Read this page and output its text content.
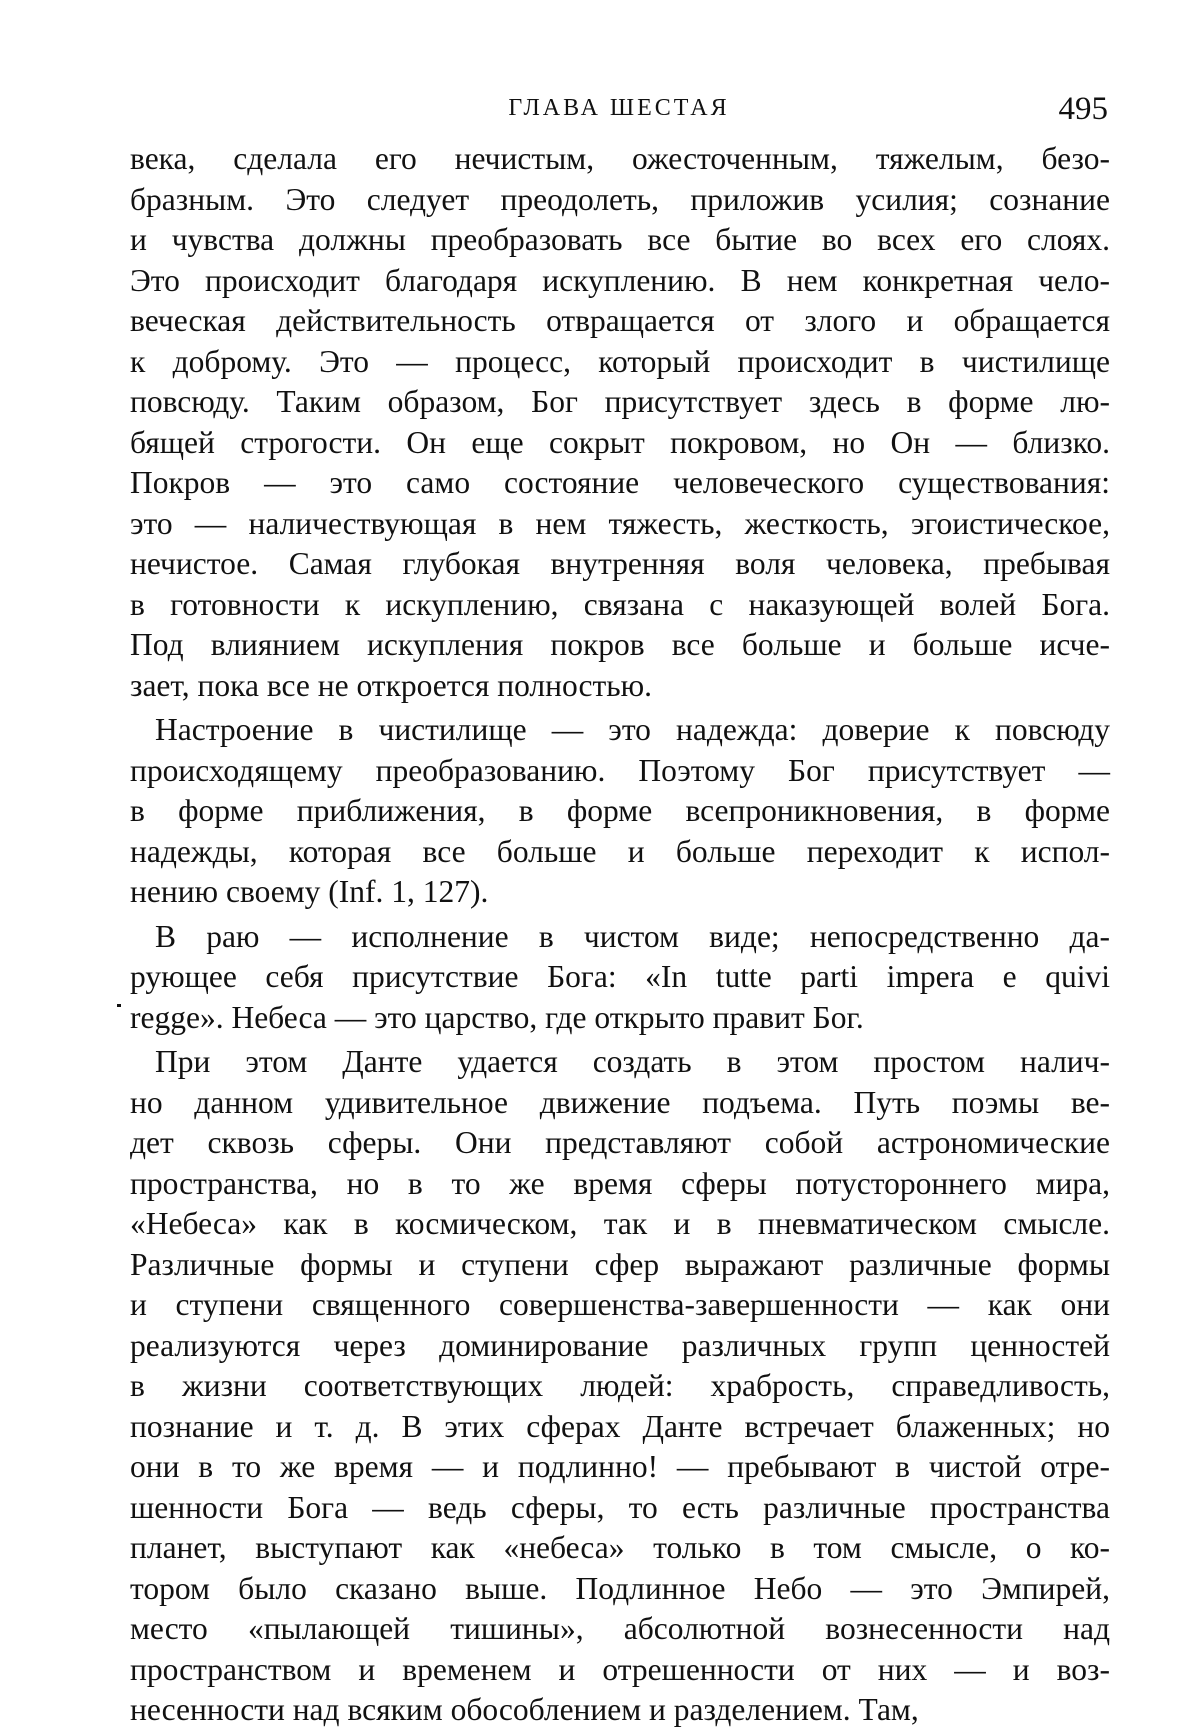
ГЛАВА ШЕСТАЯ	495
века, сделала его нечистым, ожесточенным, тяжелым, безо-
бразным. Это следует преодолеть, приложив усилия; сознание
и чувства должны преобразовать все бытие во всех его слоях.
Это происходит благодаря искуплению. В нем конкретная чело-
веческая действительность отвращается от злого и обращается
к доброму. Это — процесс, который происходит в чистилище
повсюду. Таким образом, Бог присутствует здесь в форме лю-
бящей строгости. Он еще сокрыт покровом, но Он — близко.
Покров — это само состояние человеческого существования:
это — наличествующая в нем тяжесть, жесткость, эгоистическое,
нечистое. Самая глубокая внутренняя воля человека, пребывая
в готовности к искуплению, связана с наказующей волей Бога.
Под влиянием искупления покров все больше и больше исче-
зает, пока все не откроется полностью.
Настроение в чистилище — это надежда: доверие к повсюду
происходящему преобразованию. Поэтому Бог присутствует —
в форме приближения, в форме всепроникновения, в форме
надежды, которая все больше и больше переходит к испол-
нению своему (Inf. 1, 127).
В раю — исполнение в чистом виде; непосредственно да-
рующее себя присутствие Бога: «In tutte parti impera e quivi
regge». Небеса — это царство, где открыто правит Бог.
При этом Данте удается создать в этом простом налич-
но данном удивительное движение подъема. Путь поэмы ве-
дет сквозь сферы. Они представляют собой астрономические
пространства, но в то же время сферы потустороннего мира,
«Небеса» как в космическом, так и в пневматическом смысле.
Различные формы и ступени сфер выражают различные формы
и ступени священного совершенства-завершенности — как они
реализуются через доминирование различных групп ценностей
в жизни соответствующих людей: храбрость, справедливость,
познание и т. д. В этих сферах Данте встречает блаженных; но
они в то же время — и подлинно! — пребывают в чистой отре-
шенности Бога — ведь сферы, то есть различные пространства
планет, выступают как «небеса» только в том смысле, о ко-
тором было сказано выше. Подлинное Небо — это Эмпирей,
место «пылающей тишины», абсолютной вознесенности над
пространством и временем и отрешенности от них — и воз-
несенности над всяким обособлением и разделением. Там,
